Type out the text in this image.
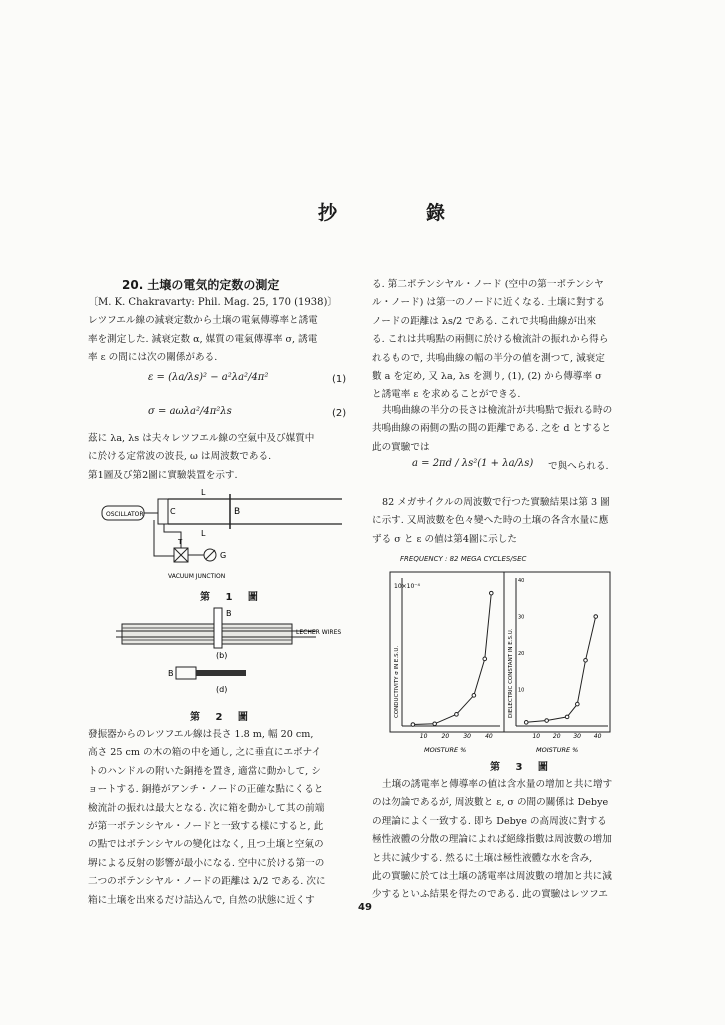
抄	錄
20. 土壌の電気的定数の測定
〔M. K. Chakravarty: Phil. Mag. 25, 170 (1938)〕

レツフエル線の減衰定数から土壌の電氣傳導率と誘電

率を測定した. 減衰定数 α, 媒質の電氣傳導率 σ, 誘電

率 ε の間には次の關係がある.

ε = (λa/λs)² − a²λa²/4π²	(1)
σ = aωλa²/4π²λs	(2)

茲に λa, λs は夫々レツフエル線の空氣中及び媒質中

に於ける定常波の波長, ω は周波数である.

第1圖及び第2圖に實驗裝置を示す.

OSCILLATOR
L
L
B
C
T
G
VACUUM JUNCTION
第 1 圖
B
LECHER WIRES
(b)
B
(d)
第 2 圖

發振器からのレツフエル線は長さ 1.8 m, 幅 20 cm,

高さ 25 cm の木の箱の中を通し, 之に垂直にエボナイ

トのハンドルの附いた銅捲を置き, 適當に動かして, シ

ョートする. 銅捲がアンチ・ノードの正確な點にくると

檢流計の振れは最大となる. 次に箱を動かして其の前端

が第一ポテンシヤル・ノードと一致する樣にすると, 此

の點ではポテンシヤルの變化はなく, 且つ土壌と空氣の

堺による反射の影響が最小になる. 空中に於ける第一の

二つのポテンシヤル・ノードの距離は λ/2 である. 次に

箱に土壌を出來るだけ詰込んで, 自然の狀態に近くす

る. 第二ポテンシヤル・ノード (空中の第一ポテンシヤ

ル・ノード) は第一のノードに近くなる. 土壌に對する

ノードの距離は λs/2 である. これで共鳴曲線が出來

る. これは共鳴點の兩側に於ける檢流計の振れから得ら

れるもので, 共鳴曲線の幅の半分の値を測つて, 減衰定

數 a を定め, 又 λa, λs を測り, (1), (2) から傳導率 σ

と誘電率 ε を求めることができる.

共鳴曲線の半分の長さは檢流計が共鳴點で振れる時の

共鳴曲線の兩側の點の間の距離である. 之を d とすると

此の實驗では

a = 2πd / λs²(1 + λa/λs) で與へられる.

82 メガサイクルの周波數で行つた實驗結果は第 3 圖

に示す. 又周波數を色々變へた時の土壌の各含水量に應

ずる σ と ε の値は第4圖に示した

FREQUENCY : 82 MEGA CYCLES/SEC
10×10⁻⁴
CONDUCTIVITY σ IN E.S.U.	DIELECTRIC CONSTANT IN E.S.U. 10
20
30
40
10 20 30 40	10 20 30 40
MOISTURE %	MOISTURE %
第 3 圖

土壌の誘電率と傳導率の値は含水量の增加と共に增す

のは勿論であるが, 周波數と ε, σ の間の關係は Debye

の理論によく一致する. 即ち Debye の高周波に對する

極性液體の分散の理論によれば絕緣指數は周波數の增加

と共に減少する. 然るに土壌は極性液體な水を含み,

此の實驗に於ては土壌の誘電率は周波數の增加と共に減

少するといふ結果を得たのである. 此の實驗はレツフエ

49
